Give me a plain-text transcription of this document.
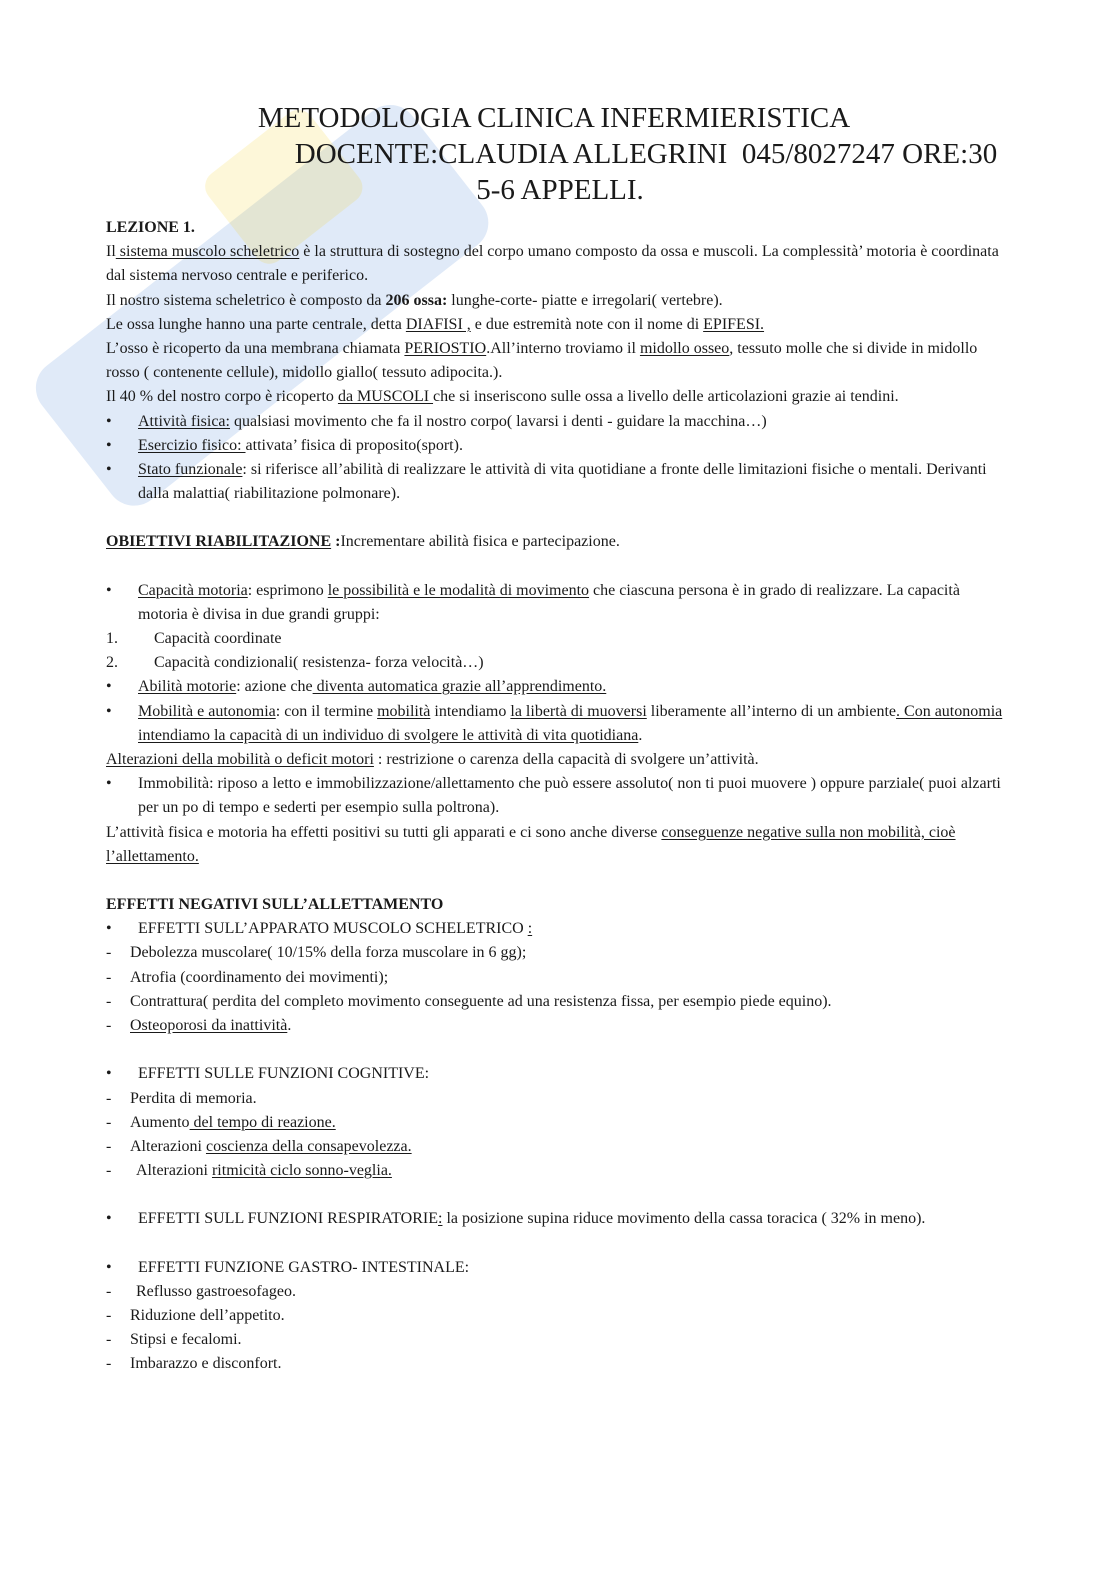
METODOLOGIA CLINICA INFERMIERISTICA
DOCENTE:CLAUDIA ALLEGRINI  045/8027247 ORE:30
5-6 APPELLI.

LEZIONE 1.

Il sistema muscolo scheletrico è la struttura di sostegno del corpo umano composto da ossa e muscoli. La complessità’ motoria è coordinata dal sistema nervoso centrale e periferico.

Il nostro sistema scheletrico è composto da 206 ossa: lunghe-corte- piatte e irregolari( vertebre).

Le ossa lunghe hanno una parte centrale, detta DIAFISI , e due estremità note con il nome di EPIFESI.

L’osso è ricoperto da una membrana chiamata PERIOSTIO.All’interno troviamo il midollo osseo, tessuto molle che si divide in midollo rosso ( contenente cellule), midollo giallo( tessuto adipocita.).

Il 40 % del nostro corpo è ricoperto da MUSCOLI che si inseriscono sulle ossa a livello delle articolazioni grazie ai tendini.

• Attività fisica: qualsiasi movimento che fa il nostro corpo( lavarsi i denti - guidare la macchina…)

• Esercizio fisico: attivata’ fisica di proposito(sport).

• Stato funzionale: si riferisce all’abilità di realizzare le attività di vita quotidiane a fronte delle limitazioni fisiche o mentali. Derivanti dalla malattia( riabilitazione polmonare).

OBIETTIVI RIABILITAZIONE :Incrementare abilità fisica e partecipazione.

• Capacità motoria: esprimono le possibilità e le modalità di movimento che ciascuna persona è in grado di realizzare. La capacità motoria è divisa in due grandi gruppi:

1. Capacità coordinate

2. Capacità condizionali( resistenza- forza velocità…)

• Abilità motorie: azione che diventa automatica grazie all’apprendimento.

• Mobilità e autonomia: con il termine mobilità intendiamo la libertà di muoversi liberamente all’interno di un ambiente. Con autonomia intendiamo la capacità di un individuo di svolgere le attività di vita quotidiana.

Alterazioni della mobilità o deficit motori : restrizione o carenza della capacità di svolgere un’attività.

• Immobilità: riposo a letto e immobilizzazione/allettamento che può essere assoluto( non ti puoi muovere ) oppure parziale( puoi alzarti per un po di tempo e sederti per esempio sulla poltrona).

L’attività fisica e motoria ha effetti positivi su tutti gli apparati e ci sono anche diverse conseguenze negative sulla non mobilità, cioè l’allettamento.

EFFETTI NEGATIVI SULL’ALLETTAMENTO

• EFFETTI SULL’APPARATO MUSCOLO SCHELETRICO :

- Debolezza muscolare( 10/15% della forza muscolare in 6 gg);

- Atrofia (coordinamento dei movimenti);

- Contrattura( perdita del completo movimento conseguente ad una resistenza fissa, per esempio piede equino).

- Osteoporosi da inattività.

• EFFETTI SULLE FUNZIONI COGNITIVE:

- Perdita di memoria.

- Aumento del tempo di reazione.

- Alterazioni coscienza della consapevolezza.

- Alterazioni ritmicità ciclo sonno-veglia.

• EFFETTI SULL FUNZIONI RESPIRATORIE: la posizione supina riduce movimento della cassa toracica ( 32% in meno).

• EFFETTI FUNZIONE GASTRO- INTESTINALE:

- Reflusso gastroesofageo.

- Riduzione dell’appetito.

- Stipsi e fecalomi.

- Imbarazzo e disconfort.
